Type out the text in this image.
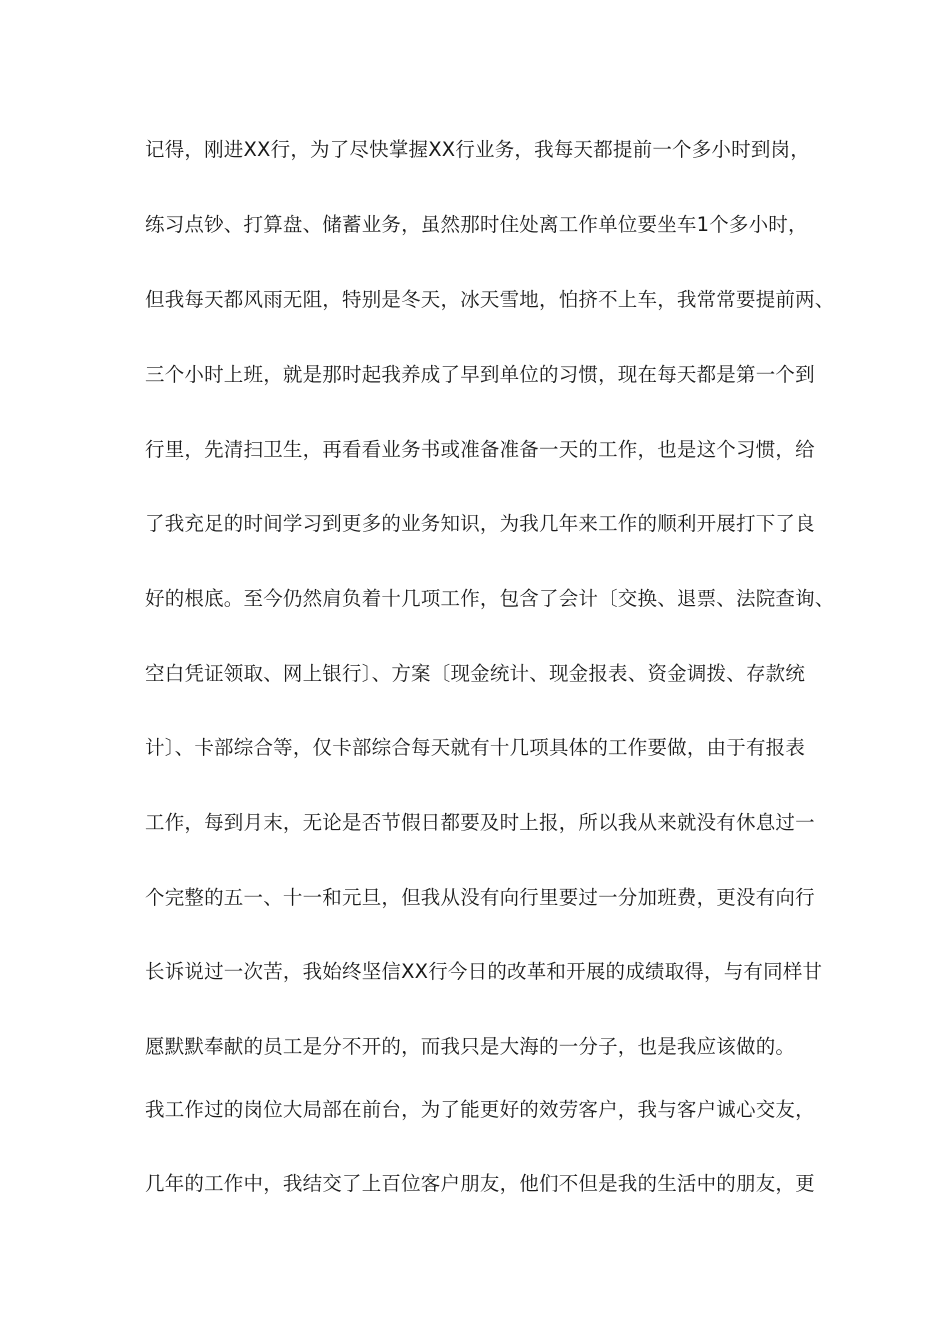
记得，刚进XX行，为了尽快掌握XX行业务，我每天都提前一个多小时到岗，

练习点钞、打算盘、储蓄业务，虽然那时住处离工作单位要坐车1个多小时，

但我每天都风雨无阻，特别是冬天，冰天雪地，怕挤不上车，我常常要提前两、

三个小时上班，就是那时起我养成了早到单位的习惯，现在每天都是第一个到

行里，先清扫卫生，再看看业务书或准备准备一天的工作，也是这个习惯，给

了我充足的时间学习到更多的业务知识，为我几年来工作的顺利开展打下了良

好的根底。至今仍然肩负着十几项工作，包含了会计〔交换、退票、法院查询、

空白凭证领取、网上银行〕、方案〔现金统计、现金报表、资金调拨、存款统

计〕、卡部综合等，仅卡部综合每天就有十几项具体的工作要做，由于有报表

工作，每到月末，无论是否节假日都要及时上报，所以我从来就没有休息过一

个完整的五一、十一和元旦，但我从没有向行里要过一分加班费，更没有向行

长诉说过一次苦，我始终坚信XX行今日的改革和开展的成绩取得，与有同样甘

愿默默奉献的员工是分不开的，而我只是大海的一分子，也是我应该做的。

我工作过的岗位大局部在前台，为了能更好的效劳客户，我与客户诚心交友，

几年的工作中，我结交了上百位客户朋友，他们不但是我的生活中的朋友，更
